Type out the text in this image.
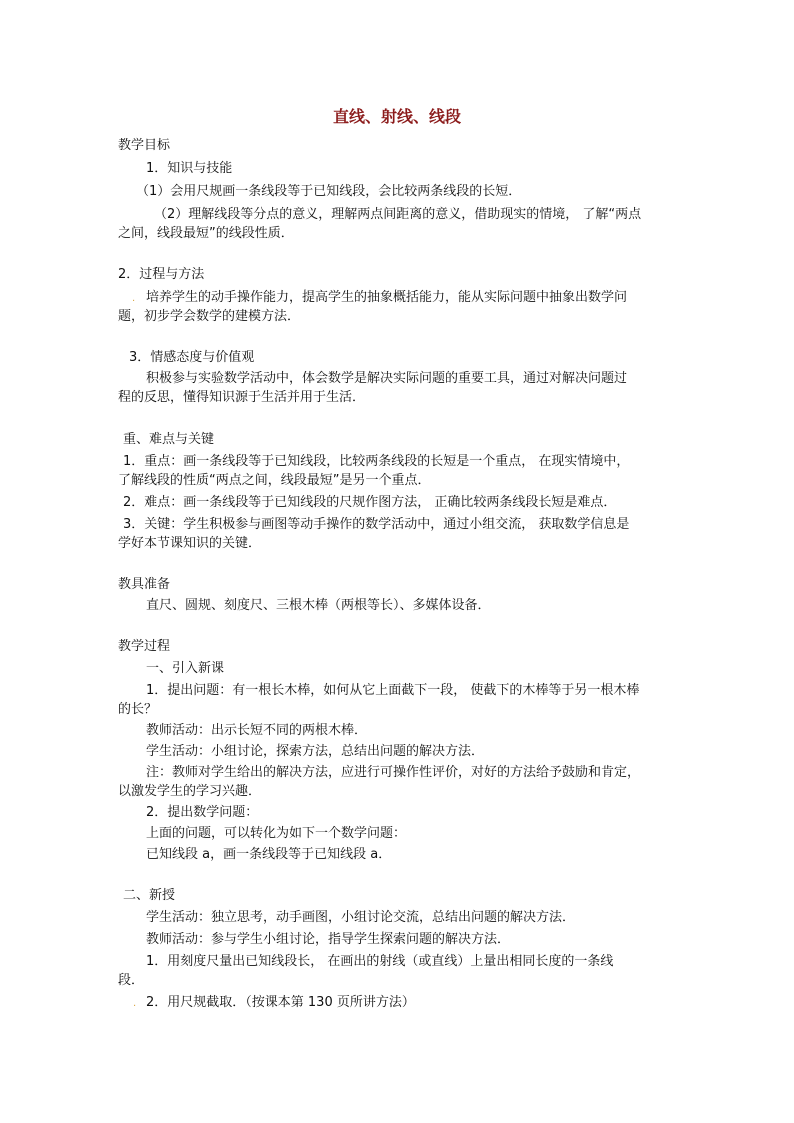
直线、射线、线段
教学目标
1．知识与技能
（1）会用尺规画一条线段等于已知线段，会比较两条线段的长短．
（2）理解线段等分点的意义，理解两点间距离的意义，借助现实的情境， 了解“两点
之间，线段最短”的线段性质．
2．过程与方法
. 培养学生的动手操作能力，提高学生的抽象概括能力，能从实际问题中抽象出数学问
题，初步学会数学的建模方法．
3．情感态度与价值观
积极参与实验数学活动中，体会数学是解决实际问题的重要工具，通过对解决问题过
程的反思，懂得知识源于生活并用于生活．
重、难点与关键
1．重点：画一条线段等于已知线段，比较两条线段的长短是一个重点， 在现实情境中，
了解线段的性质“两点之间，线段最短”是另一个重点．
2．难点：画一条线段等于已知线段的尺规作图方法， 正确比较两条线段长短是难点．
3．关键：学生积极参与画图等动手操作的数学活动中，通过小组交流， 获取数学信息是
学好本节课知识的关键．
教具准备
直尺、圆规、刻度尺、三根木棒（两根等长）、多媒体设备．
教学过程
一、引入新课
1．提出问题：有一根长木棒，如何从它上面截下一段， 使截下的木棒等于另一根木棒
的长？
教师活动：出示长短不同的两根木棒．
学生活动：小组讨论，探索方法，总结出问题的解决方法．
注：教师对学生给出的解决方法，应进行可操作性评价，对好的方法给予鼓励和肯定，
以激发学生的学习兴趣．
2．提出数学问题：
上面的问题，可以转化为如下一个数学问题：
已知线段 a，画一条线段等于已知线段 a．
二、新授
学生活动：独立思考，动手画图，小组讨论交流，总结出问题的解决方法．
教师活动：参与学生小组讨论，指导学生探索问题的解决方法．
1．用刻度尺量出已知线段长， 在画出的射线（或直线）上量出相同长度的一条线
段．
. 2．用尺规截取．（按课本第 130 页所讲方法）
